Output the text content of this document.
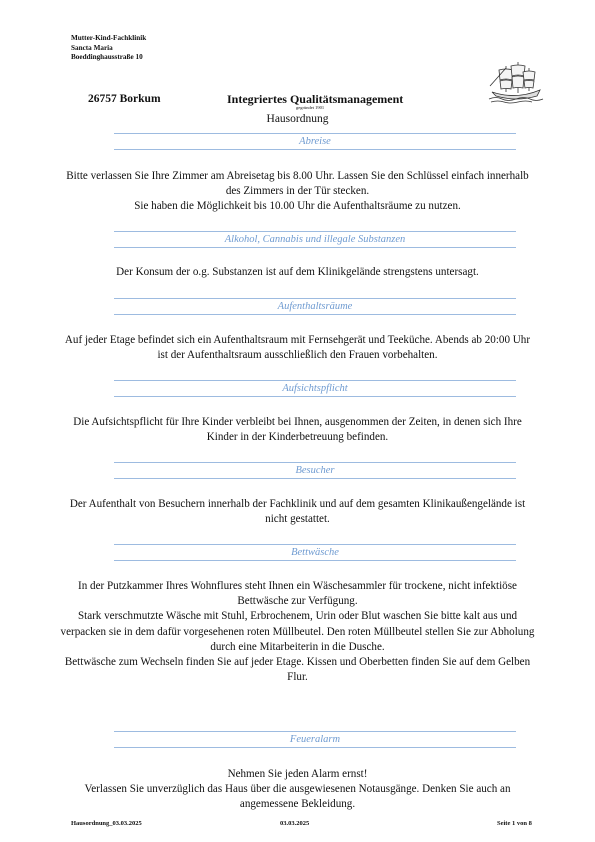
Mutter-Kind-Fachklinik
Sancta Maria
Boeddinghausstraße 10
26757 Borkum	Integriertes Qualitätsmanagement
gegründet 1901
Hausordnung
Abreise
Bitte verlassen Sie Ihre Zimmer am Abreisetag bis 8.00 Uhr. Lassen Sie den Schlüssel einfach innerhalb des Zimmers in der Tür stecken.
Sie haben die Möglichkeit bis 10.00 Uhr die Aufenthaltsräume zu nutzen.
Alkohol, Cannabis und illegale Substanzen
Der Konsum der o.g. Substanzen ist auf dem Klinikgelände strengstens untersagt.
Aufenthaltsräume
Auf jeder Etage befindet sich ein Aufenthaltsraum mit Fernsehgerät und Teeküche. Abends ab 20:00 Uhr ist der Aufenthaltsraum ausschließlich den Frauen vorbehalten.
Aufsichtspflicht
Die Aufsichtspflicht für Ihre Kinder verbleibt bei Ihnen, ausgenommen der Zeiten, in denen sich Ihre Kinder in der Kinderbetreuung befinden.
Besucher
Der Aufenthalt von Besuchern innerhalb der Fachklinik und auf dem gesamten Klinikaußengelände ist nicht gestattet.
Bettwäsche
In der Putzkammer Ihres Wohnflures steht Ihnen ein Wäschesammler für trockene, nicht infektiöse Bettwäsche zur Verfügung.
Stark verschmutzte Wäsche mit Stuhl, Erbrochenem, Urin oder Blut waschen Sie bitte kalt aus und verpacken sie in dem dafür vorgesehenen roten Müllbeutel. Den roten Müllbeutel stellen Sie zur Abholung durch eine Mitarbeiterin in die Dusche.
Bettwäsche zum Wechseln finden Sie auf jeder Etage. Kissen und Oberbetten finden Sie auf dem Gelben Flur.
Feueralarm
Nehmen Sie jeden Alarm ernst!
Verlassen Sie unverzüglich das Haus über die ausgewiesenen Notausgänge. Denken Sie auch an angemessene Bekleidung.
Hausordnung_03.03.2025	03.03.2025	Seite 1 von 8
